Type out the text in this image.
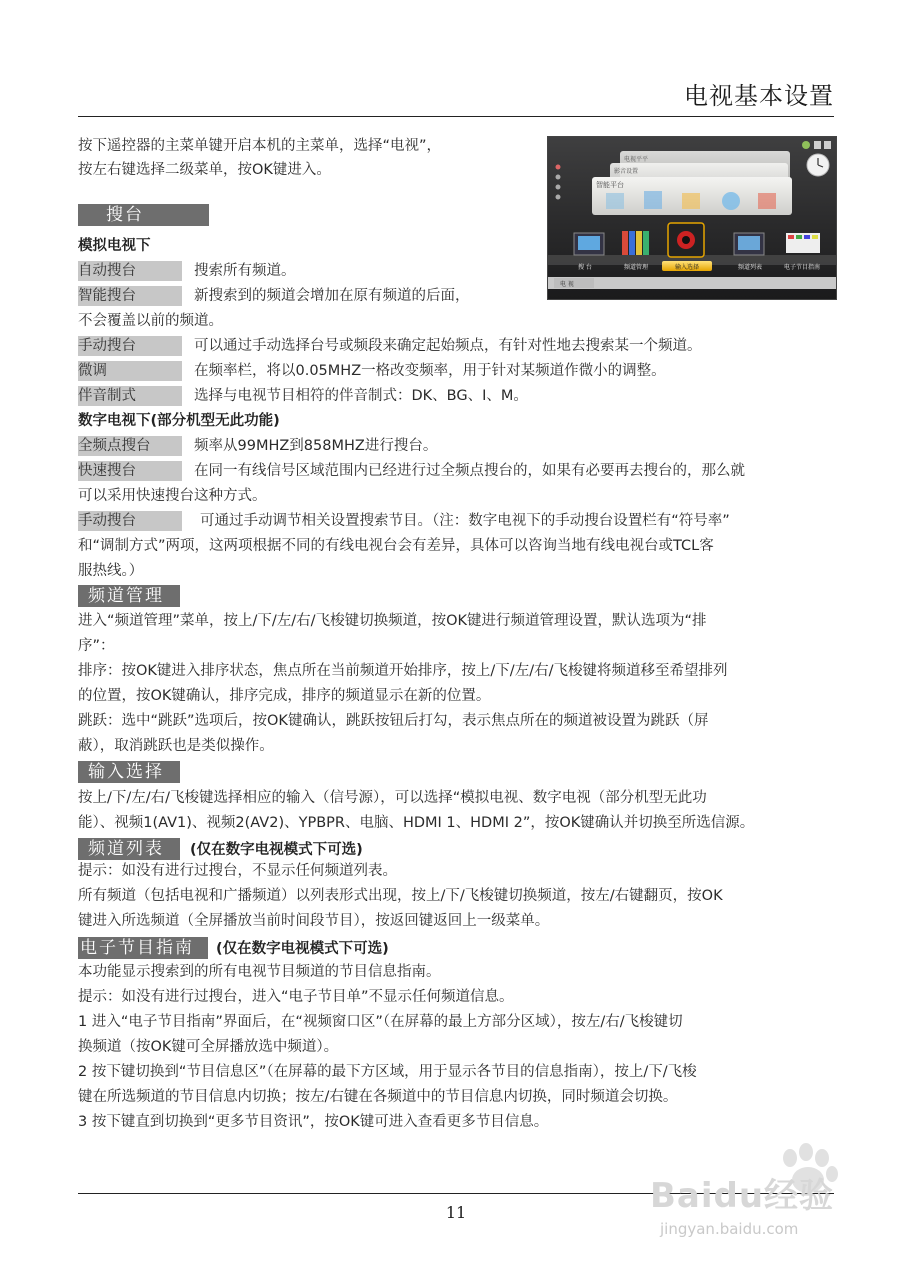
电视基本设置
按下遥控器的主菜单键开启本机的主菜单，选择“电视”，
按左右键选择二级菜单，按OK键进入。
电视平平
影音设置
智能平台
搜 台	频道管理	输入选择	频道列表	电子节目指南
电 视
搜台
模拟电视下
自动搜台	搜索所有频道。
智能搜台	新搜索到的频道会增加在原有频道的后面，
不会覆盖以前的频道。
手动搜台	可以通过手动选择台号或频段来确定起始频点，有针对性地去搜索某一个频道。
微调	在频率栏，将以0.05MHZ一格改变频率，用于针对某频道作微小的调整。
伴音制式	选择与电视节目相符的伴音制式：DK、BG、I、M。
数字电视下(部分机型无此功能)
全频点搜台	频率从99MHZ到858MHZ进行搜台。
快速搜台	在同一有线信号区域范围内已经进行过全频点搜台的，如果有必要再去搜台的，那么就
可以采用快速搜台这种方式。
手动搜台	可通过手动调节相关设置搜索节目。（注：数字电视下的手动搜台设置栏有“符号率”
和“调制方式”两项，这两项根据不同的有线电视台会有差异，具体可以咨询当地有线电视台或TCL客
服热线。）
频道管理
进入“频道管理”菜单，按上/下/左/右/飞梭键切换频道，按OK键进行频道管理设置，默认选项为“排
序”：
排序：按OK键进入排序状态，焦点所在当前频道开始排序，按上/下/左/右/飞梭键将频道移至希望排列
的位置，按OK键确认，排序完成，排序的频道显示在新的位置。
跳跃：选中“跳跃”选项后，按OK键确认，跳跃按钮后打勾，表示焦点所在的频道被设置为跳跃（屏
蔽），取消跳跃也是类似操作。
输入选择
按上/下/左/右/飞梭键选择相应的输入（信号源），可以选择“模拟电视、数字电视（部分机型无此功
能）、视频1(AV1)、视频2(AV2)、YPBPR、电脑、HDMI 1、HDMI 2”，按OK键确认并切换至所选信源。
频道列表	(仅在数字电视模式下可选)
提示：如没有进行过搜台，不显示任何频道列表。
所有频道（包括电视和广播频道）以列表形式出现，按上/下/飞梭键切换频道，按左/右键翻页，按OK
键进入所选频道（全屏播放当前时间段节目），按返回键返回上一级菜单。
电子节目指南	(仅在数字电视模式下可选)
本功能显示搜索到的所有电视节目频道的节目信息指南。
提示：如没有进行过搜台，进入“电子节目单”不显示任何频道信息。
1 进入“电子节目指南”界面后，在“视频窗口区”（在屏幕的最上方部分区域），按左/右/飞梭键切
换频道（按OK键可全屏播放选中频道）。
2 按下键切换到“节目信息区”（在屏幕的最下方区域，用于显示各节目的信息指南），按上/下/飞梭
键在所选频道的节目信息内切换；按左/右键在各频道中的节目信息内切换，同时频道会切换。
3 按下键直到切换到“更多节目资讯”，按OK键可进入查看更多节目信息。
11	Baidu经验
jingyan.baidu.com
